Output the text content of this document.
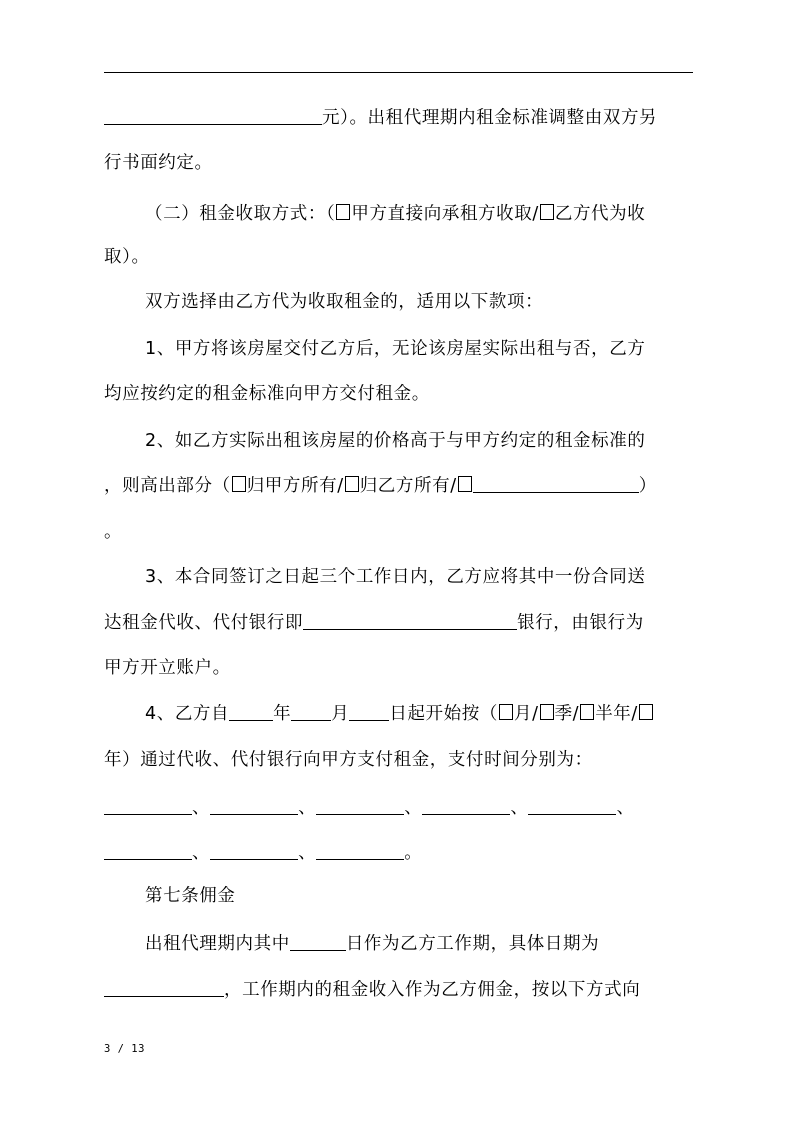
元）。出租代理期内租金标准调整由双方另
行书面约定。
（二）租金收取方式：（ 甲方直接向承租方收取/ 乙方代为收
取）。
双方选择由乙方代为收取租金的，适用以下款项：
1、甲方将该房屋交付乙方后，无论该房屋实际出租与否，乙方
均应按约定的租金标准向甲方交付租金。
2、如乙方实际出租该房屋的价格高于与甲方约定的租金标准的
，则高出部分（ 归甲方所有/ 归乙方所有/	）
。
3、本合同签订之日起三个工作日内，乙方应将其中一份合同送
达租金代收、代付银行即	银行，由银行为
甲方开立账户。
4、乙方自	年 月 日起开始按（ 月/ 季/ 半年/
年）通过代收、代付银行向甲方支付租金，支付时间分别为：
、	、	、	、	、
、	、	。
第七条佣金
出租代理期内其中	日作为乙方工作期，具体日期为
，工作期内的租金收入作为乙方佣金，按以下方式向
3 / 13
